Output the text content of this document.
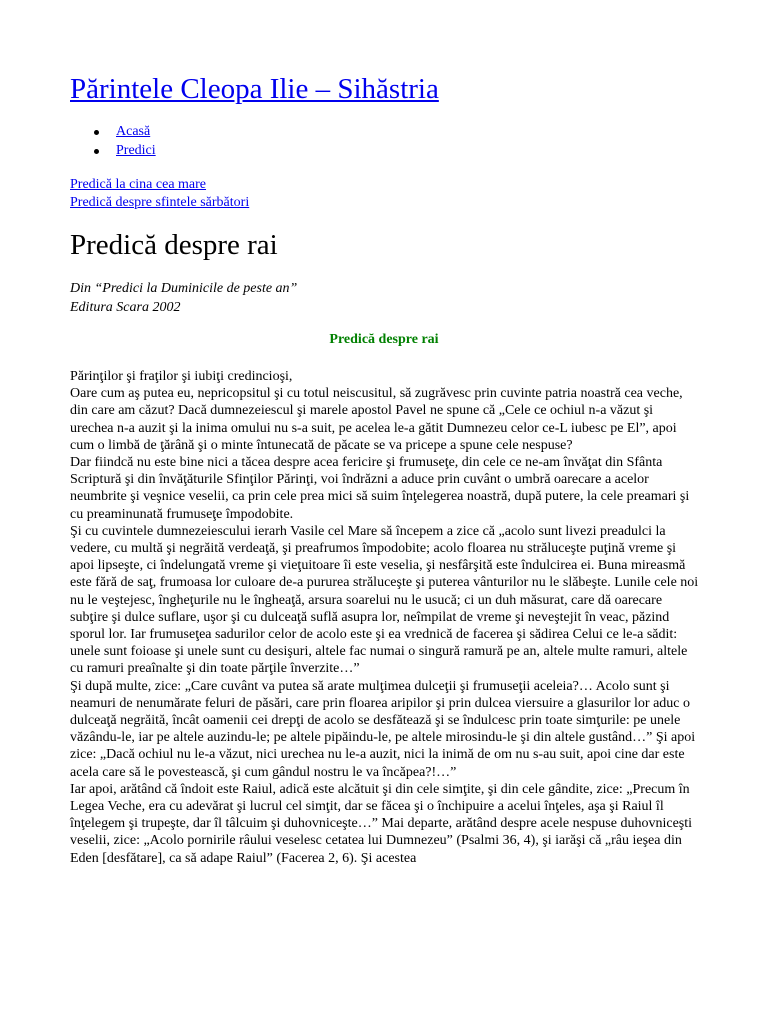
Părintele Cleopa Ilie – Sihăstria
Acasă
Predici
Predică la cina cea mare
Predică despre sfintele sărbători
Predică despre rai
Din “Predici la Duminicile de peste an”
Editura Scara 2002
Predică despre rai

Părinţilor şi fraţilor şi iubiţi credincioşi,

Oare cum aş putea eu, nepricopsitul şi cu totul neiscusitul, să zugrăvesc prin cuvinte patria noastră cea veche, din care am căzut? Dacă dumnezeiescul şi marele apostol Pavel ne spune că „Cele ce ochiul n-a văzut şi urechea n-a auzit şi la inima omului nu s-a suit, pe acelea le-a gătit Dumnezeu celor ce-L iubesc pe El”, apoi cum o limbă de ţărână şi o minte întunecată de păcate se va pricepe a spune cele nespuse?

Dar fiindcă nu este bine nici a tăcea despre acea fericire şi frumuseţe, din cele ce ne-am învăţat din Sfânta Scriptură şi din învăţăturile Sfinţilor Părinţi, voi îndrăzni a aduce prin cuvânt o umbră oarecare a acelor neumbrite şi veşnice veselii, ca prin cele prea mici să suim înţelegerea noastră, după putere, la cele preamari şi cu preaminunată frumuseţe împodobite.

Şi cu cuvintele dumnezeiescului ierarh Vasile cel Mare să începem a zice că „acolo sunt livezi preadulci la vedere, cu multă şi negrăită verdeaţă, şi preafrumos împodobite; acolo floarea nu străluceşte puţină vreme şi apoi lipseşte, ci îndelungată vreme şi vieţuitoare îi este veselia, şi nesfârşită este îndulcirea ei. Buna mireasmă este fără de saţ, frumoasa lor culoare de-a pururea străluceşte şi puterea vânturilor nu le slăbeşte. Lunile cele noi nu le veştejesc, îngheţurile nu le îngheaţă, arsura soarelui nu le usucă; ci un duh măsurat, care dă oarecare subţire şi dulce suflare, uşor şi cu dulceaţă suflă asupra lor, neîmpilat de vreme şi neveştejit în veac, păzind sporul lor. Iar frumuseţea sadurilor celor de acolo este şi ea vrednică de facerea şi sădirea Celui ce le-a sădit: unele sunt foioase şi unele sunt cu desişuri, altele fac numai o singură ramură pe an, altele multe ramuri, altele cu ramuri preaînalte şi din toate părţile înverzite…”

Şi după multe, zice: „Care cuvânt va putea să arate mulţimea dulceţii şi frumuseţii aceleia?… Acolo sunt şi neamuri de nenumărate feluri de păsări, care prin floarea aripilor şi prin dulcea viersuire a glasurilor lor aduc o dulceaţă negrăită, încât oamenii cei drepţi de acolo se desfătează şi se îndulcesc prin toate simţurile: pe unele văzându-le, iar pe altele auzindu-le; pe altele pipăindu-le, pe altele mirosindu-le şi din altele gustând…” Şi apoi zice: „Dacă ochiul nu le-a văzut, nici urechea nu le-a auzit, nici la inimă de om nu s-au suit, apoi cine dar este acela care să le povestească, şi cum gândul nostru le va încăpea?!…”

Iar apoi, arătând că îndoit este Raiul, adică este alcătuit şi din cele simţite, şi din cele gândite, zice: „Precum în Legea Veche, era cu adevărat şi lucrul cel simţit, dar se făcea şi o închipuire a acelui înţeles, aşa şi Raiul îl înţelegem şi trupeşte, dar îl tâlcuim şi duhovniceşte…” Mai departe, arătând despre acele nespuse duhovniceşti veselii, zice: „Acolo pornirile râului veselesc cetatea lui Dumnezeu” (Psalmi 36, 4), şi iarăşi că „râu ieşea din Eden [desfătare], ca să adape Raiul” (Facerea 2, 6). Şi acestea
